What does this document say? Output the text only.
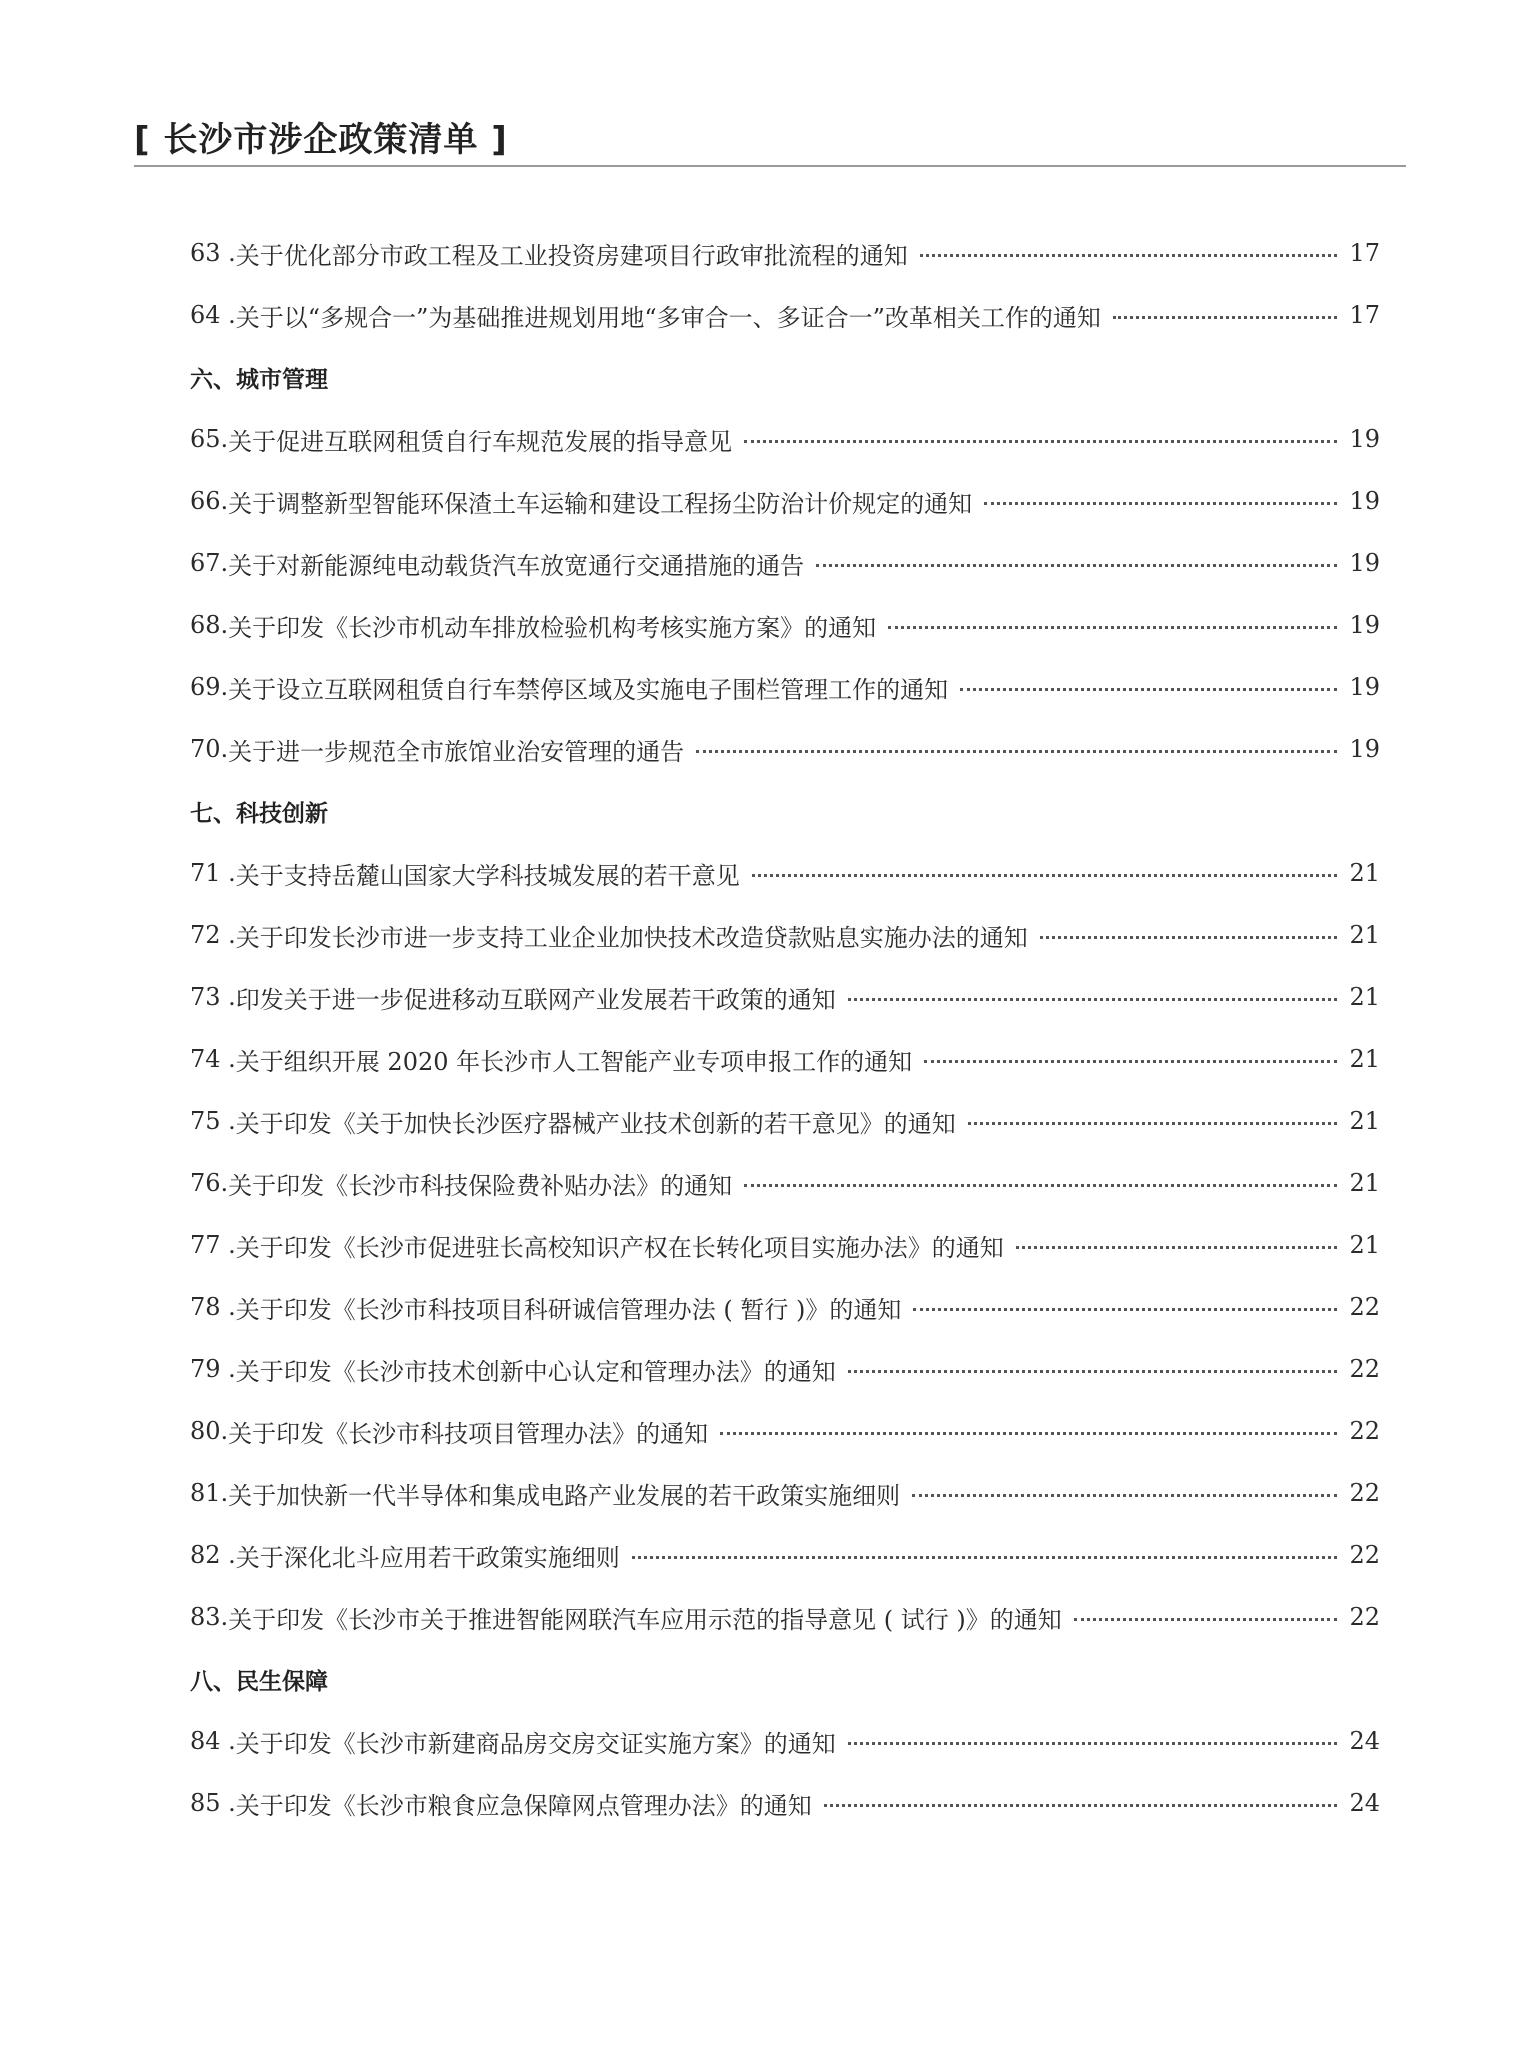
[ 长沙市涉企政策清单 ]
63 . 关于优化部分市政工程及工业投资房建项目行政审批流程的通知	17
64 . 关于以“多规合一”为基础推进规划用地“多审合一、多证合一”改革相关工作的通知	17
六、城市管理
65. 关于促进互联网租赁自行车规范发展的指导意见	19
66. 关于调整新型智能环保渣土车运输和建设工程扬尘防治计价规定的通知	19
67. 关于对新能源纯电动载货汽车放宽通行交通措施的通告	19
68. 关于印发《长沙市机动车排放检验机构考核实施方案》的通知	19
69. 关于设立互联网租赁自行车禁停区域及实施电子围栏管理工作的通知	19
70. 关于进一步规范全市旅馆业治安管理的通告	19
七、科技创新
71 . 关于支持岳麓山国家大学科技城发展的若干意见	21
72 . 关于印发长沙市进一步支持工业企业加快技术改造贷款贴息实施办法的通知	21
73 . 印发关于进一步促进移动互联网产业发展若干政策的通知	21
74 . 关于组织开展 2020 年长沙市人工智能产业专项申报工作的通知	21
75 . 关于印发《关于加快长沙医疗器械产业技术创新的若干意见》的通知	21
76. 关于印发《长沙市科技保险费补贴办法》的通知	21
77 . 关于印发《长沙市促进驻长高校知识产权在长转化项目实施办法》的通知	21
78 . 关于印发《长沙市科技项目科研诚信管理办法 ( 暂行 )》的通知	22
79 . 关于印发《长沙市技术创新中心认定和管理办法》的通知	22
80. 关于印发《长沙市科技项目管理办法》的通知	22
81. 关于加快新一代半导体和集成电路产业发展的若干政策实施细则	22
82 . 关于深化北斗应用若干政策实施细则	22
83. 关于印发《长沙市关于推进智能网联汽车应用示范的指导意见 ( 试行 )》的通知	22
八、民生保障
84 . 关于印发《长沙市新建商品房交房交证实施方案》的通知	24
85 . 关于印发《长沙市粮食应急保障网点管理办法》的通知	24
